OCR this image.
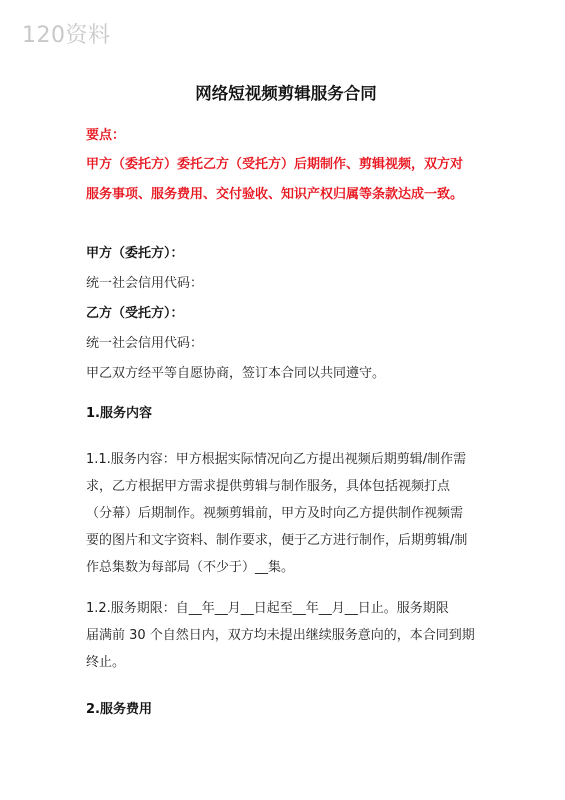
120资料
网络短视频剪辑服务合同
要点：
甲方（委托方）委托乙方（受托方）后期制作、剪辑视频，双方对
服务事项、服务费用、交付验收、知识产权归属等条款达成一致。
甲方（委托方）：
统一社会信用代码：
乙方（受托方）：
统一社会信用代码：
甲乙双方经平等自愿协商，签订本合同以共同遵守。
1.服务内容
1.1.服务内容：甲方根据实际情况向乙方提出视频后期剪辑/制作需
求，乙方根据甲方需求提供剪辑与制作服务，具体包括视频打点
（分幕）后期制作。视频剪辑前，甲方及时向乙方提供制作视频需
要的图片和文字资料、制作要求，便于乙方进行制作，后期剪辑/制
作总集数为每部局（不少于）__集。
1.2.服务期限：自__年__月__日起至__年__月__日止。服务期限
届满前 30 个自然日内，双方均未提出继续服务意向的，本合同到期
终止。
2.服务费用
